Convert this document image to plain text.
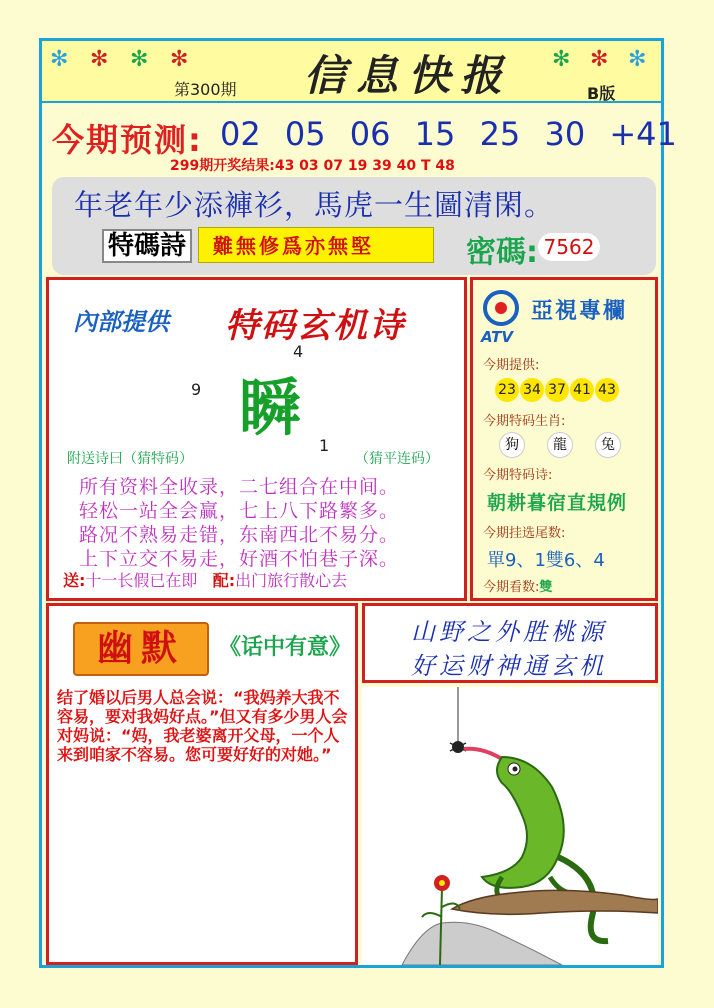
✻ ✻ ✻ ✻	✻ ✻ ✻
第300期 信息快报	B版
今期预测: 02 05 06 15 25 30 +41
299期开奖结果:43 03 07 19 39 40 T 48
年老年少添褲衫，馬虎一生圖清閑。
特碼詩	難無修爲亦無堅	密碼: 7562
內部提供 特码玄机诗
4
9 瞬
1
附送诗曰（猜特码）	（猜平连码）
所有资料全收录，二七组合在中间。
轻松一站全会赢，七上八下路繁多。
路况不熟易走错，东南西北不易分。
上下立交不易走，好酒不怕巷子深。
送:十一长假已在即 配:出门旅行散心去
亞視專欄
ATV
今期提供:
23 34 37 41 43
今期特码生肖:
狗 龍 兔
今期特码诗:
朝耕暮宿直規例
今期挂选尾数:
單9、1雙6、4
今期看数:雙
幽默	《话中有意》

结了婚以后男人总会说：“我妈养大我不容易，要对我妈好点。”但又有多少男人会对妈说：“妈，我老婆离开父母，一个人来到咱家不容易。您可要好好的对她。”

山野之外胜桃源
好运财神通玄机
